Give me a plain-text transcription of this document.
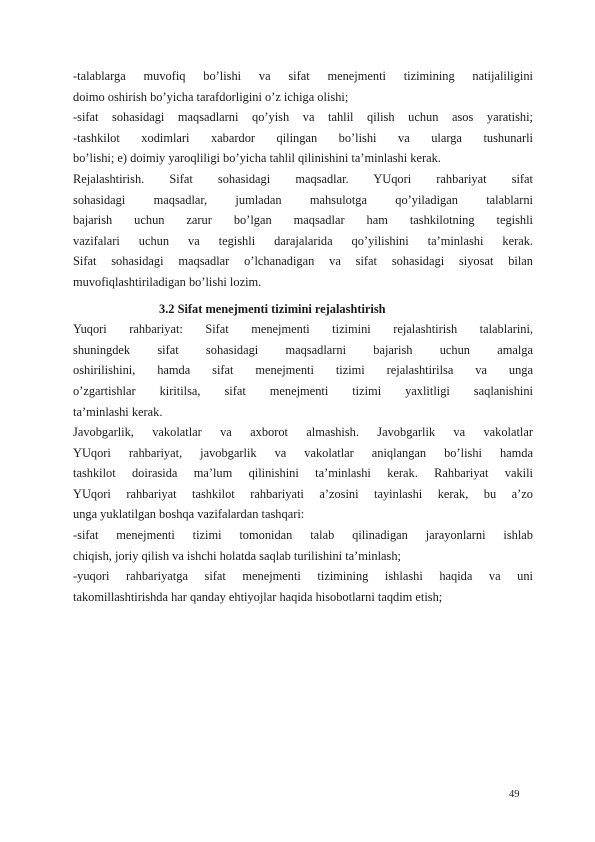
-talablarga muvofiq bo’lishi va sifat menejmenti tizimining natijaliligini
doimo oshirish bo’yicha tarafdorligini o’z ichiga olishi;
-sifat sohasidagi maqsadlarni qo’yish va tahlil qilish uchun asos yaratishi;
-tashkilot xodimlari xabardor qilingan bo’lishi va ularga tushunarli
bo’lishi; e) doimiy yaroqliligi bo’yicha tahlil qilinishini ta’minlashi kerak.
Rejalashtirish. Sifat sohasidagi maqsadlar. YUqori rahbariyat sifat
sohasidagi maqsadlar, jumladan mahsulotga qo’yiladigan talablarni
bajarish uchun zarur bo’lgan maqsadlar ham tashkilotning tegishli
vazifalari uchun va tegishli darajalarida qo’yilishini ta’minlashi kerak.
Sifat sohasidagi maqsadlar o’lchanadigan va sifat sohasidagi siyosat bilan
muvofiqlashtiriladigan bo’lishi lozim.
3.2 Sifat menejmenti tizimini rejalashtirish
Yuqori rahbariyat: Sifat menejmenti tizimini rejalashtirish talablarini,
shuningdek sifat sohasidagi maqsadlarni bajarish uchun amalga
oshirilishini, hamda sifat menejmenti tizimi rejalashtirilsa va unga
o’zgartishlar kiritilsa, sifat menejmenti tizimi yaxlitligi saqlanishini
ta’minlashi kerak.
Javobgarlik, vakolatlar va axborot almashish. Javobgarlik va vakolatlar
YUqori rahbariyat, javobgarlik va vakolatlar aniqlangan bo’lishi hamda
tashkilot doirasida ma’lum qilinishini ta’minlashi kerak. Rahbariyat vakili
YUqori rahbariyat tashkilot rahbariyati a’zosini tayinlashi kerak, bu a’zo
unga yuklatilgan boshqa vazifalardan tashqari:
-sifat menejmenti tizimi tomonidan talab qilinadigan jarayonlarni ishlab
chiqish, joriy qilish va ishchi holatda saqlab turilishini ta’minlash;
-yuqori rahbariyatga sifat menejmenti tizimining ishlashi haqida va uni
takomillashtirishda har qanday ehtiyojlar haqida hisobotlarni taqdim etish;
49
